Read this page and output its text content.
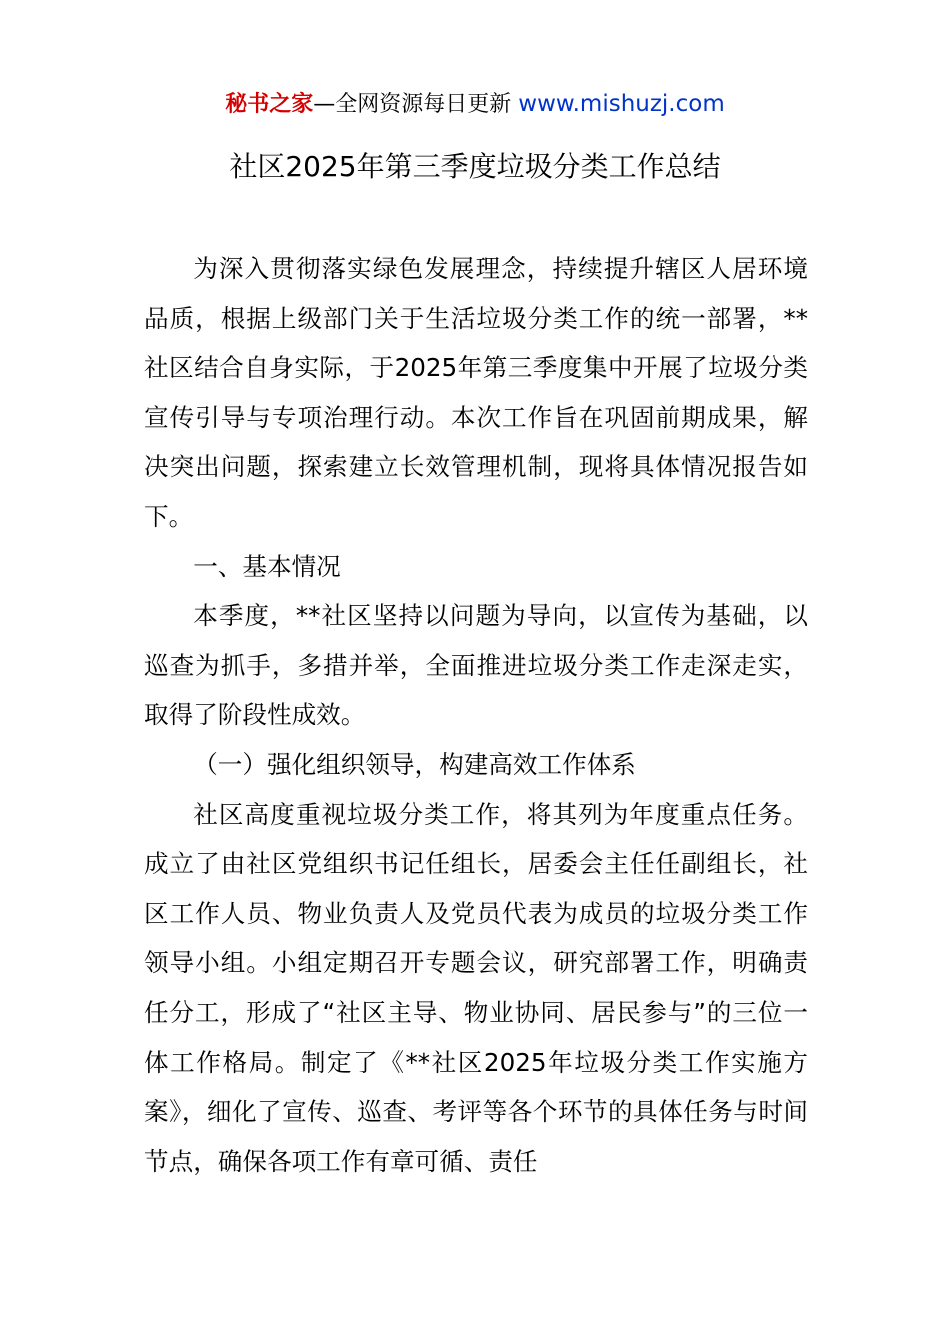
秘书之家—全网资源每日更新 www.mishuzj.com
社区2025年第三季度垃圾分类工作总结

为深入贯彻落实绿色发展理念，持续提升辖区人居环境品质，根据上级部门关于生活垃圾分类工作的统一部署，**社区结合自身实际，于2025年第三季度集中开展了垃圾分类宣传引导与专项治理行动。本次工作旨在巩固前期成果，解决突出问题，探索建立长效管理机制，现将具体情况报告如下。

一、基本情况

本季度，**社区坚持以问题为导向，以宣传为基础，以巡查为抓手，多措并举，全面推进垃圾分类工作走深走实，取得了阶段性成效。

（一）强化组织领导，构建高效工作体系

社区高度重视垃圾分类工作，将其列为年度重点任务。成立了由社区党组织书记任组长，居委会主任任副组长，社区工作人员、物业负责人及党员代表为成员的垃圾分类工作领导小组。小组定期召开专题会议，研究部署工作，明确责任分工，形成了“社区主导、物业协同、居民参与”的三位一体工作格局。制定了《**社区2025年垃圾分类工作实施方案》，细化了宣传、巡查、考评等各个环节的具体任务与时间节点，确保各项工作有章可循、责任
